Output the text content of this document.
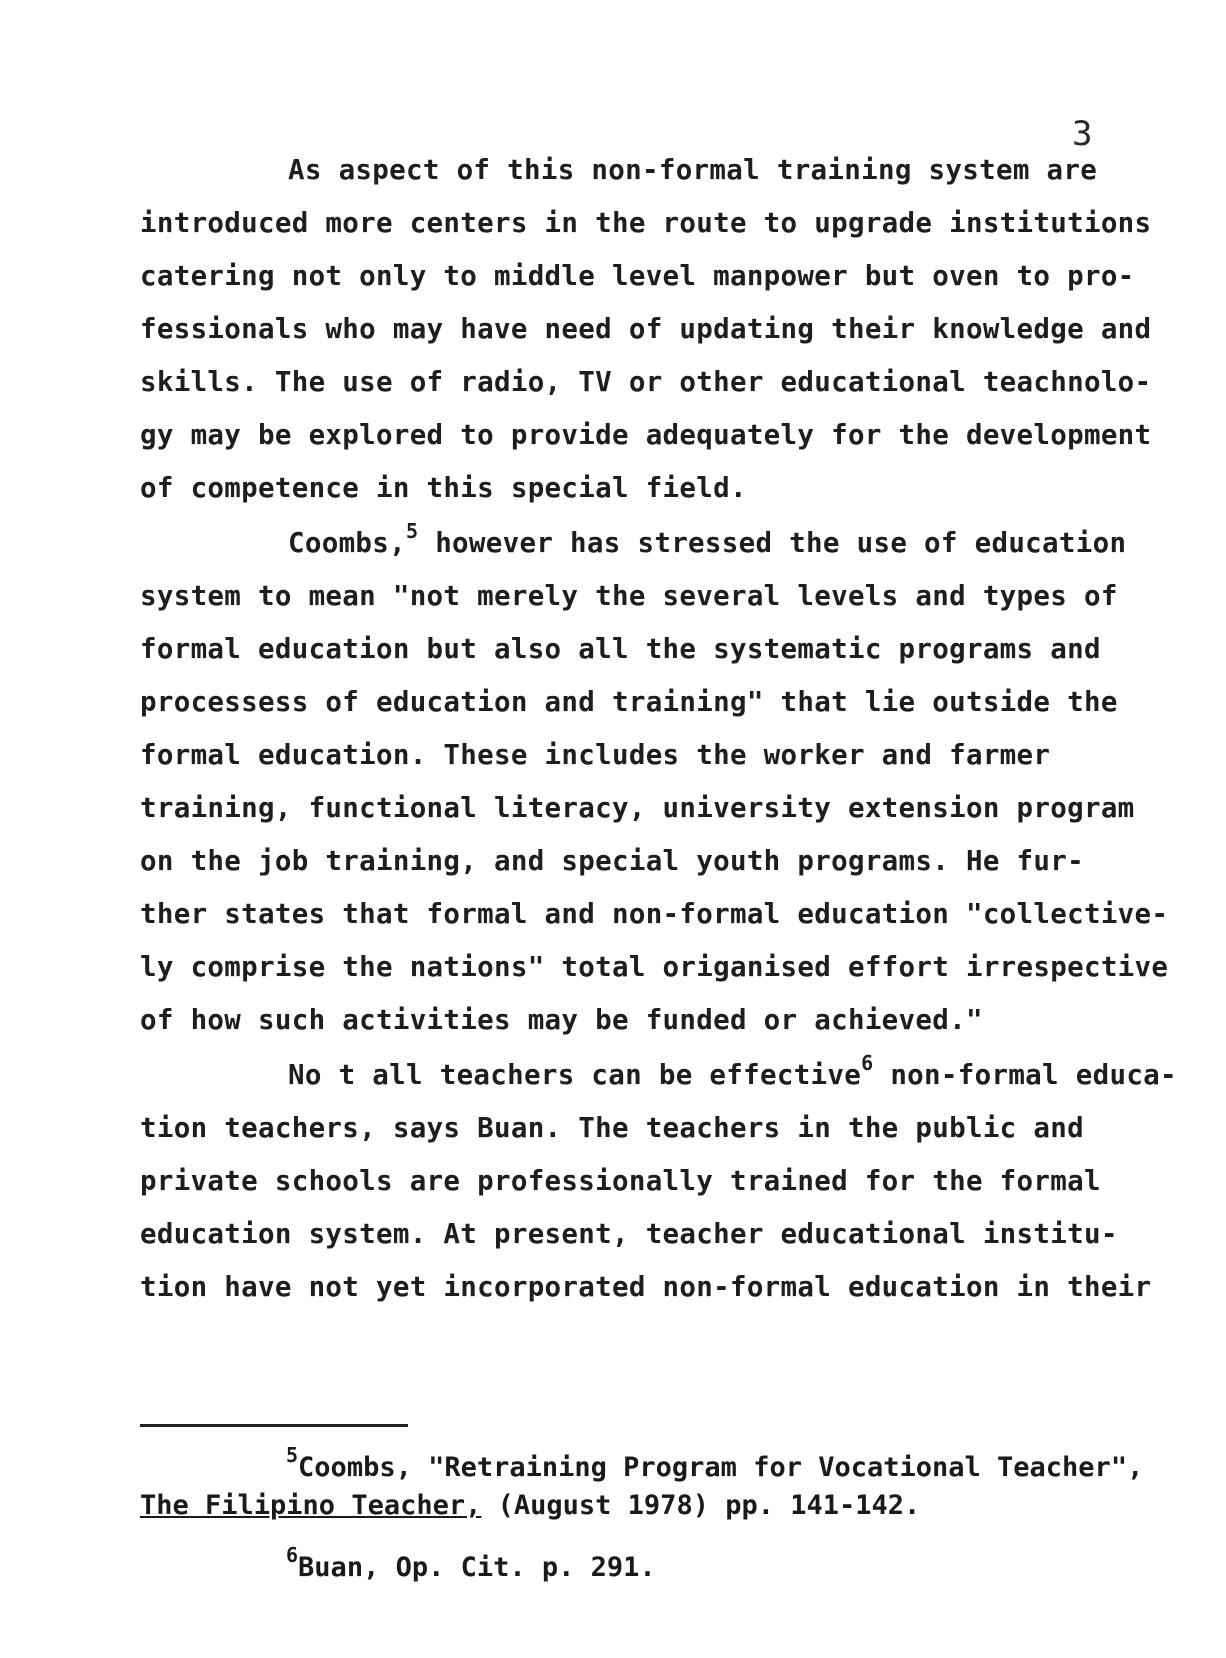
3
As aspect of this non-formal training system are
introduced more centers in the route to upgrade institutions
catering not only to middle level manpower but oven to pro-
fessionals who may have need of updating their knowledge and
skills. The use of radio, TV or other educational teachnolo-
gy may be explored to provide adequately for the development
of competence in this special field.
Coombs,$^5$ however has stressed the use of education
system to mean "not merely the several levels and types of
formal education but also all the systematic programs and
processess of education and training" that lie outside the
formal education. These includes the worker and farmer
training, functional literacy, university extension program
on the job training, and special youth programs. He fur-
ther states that formal and non-formal education "collective-
ly comprise the nations" total origanised effort irrespective
of how such activities may be funded or achieved."
No t all teachers can be effective$^6$ non-formal educa-
tion teachers, says Buan. The teachers in the public and
private schools are professionally trained for the formal
education system. At present, teacher educational institu-
tion have not yet incorporated non-formal education in their
$^5$Coombs, "Retraining Program for Vocational Teacher",
The Filipino Teacher, (August 1978) pp. 141-142.
$^6$Buan, Op. Cit. p. 291.
